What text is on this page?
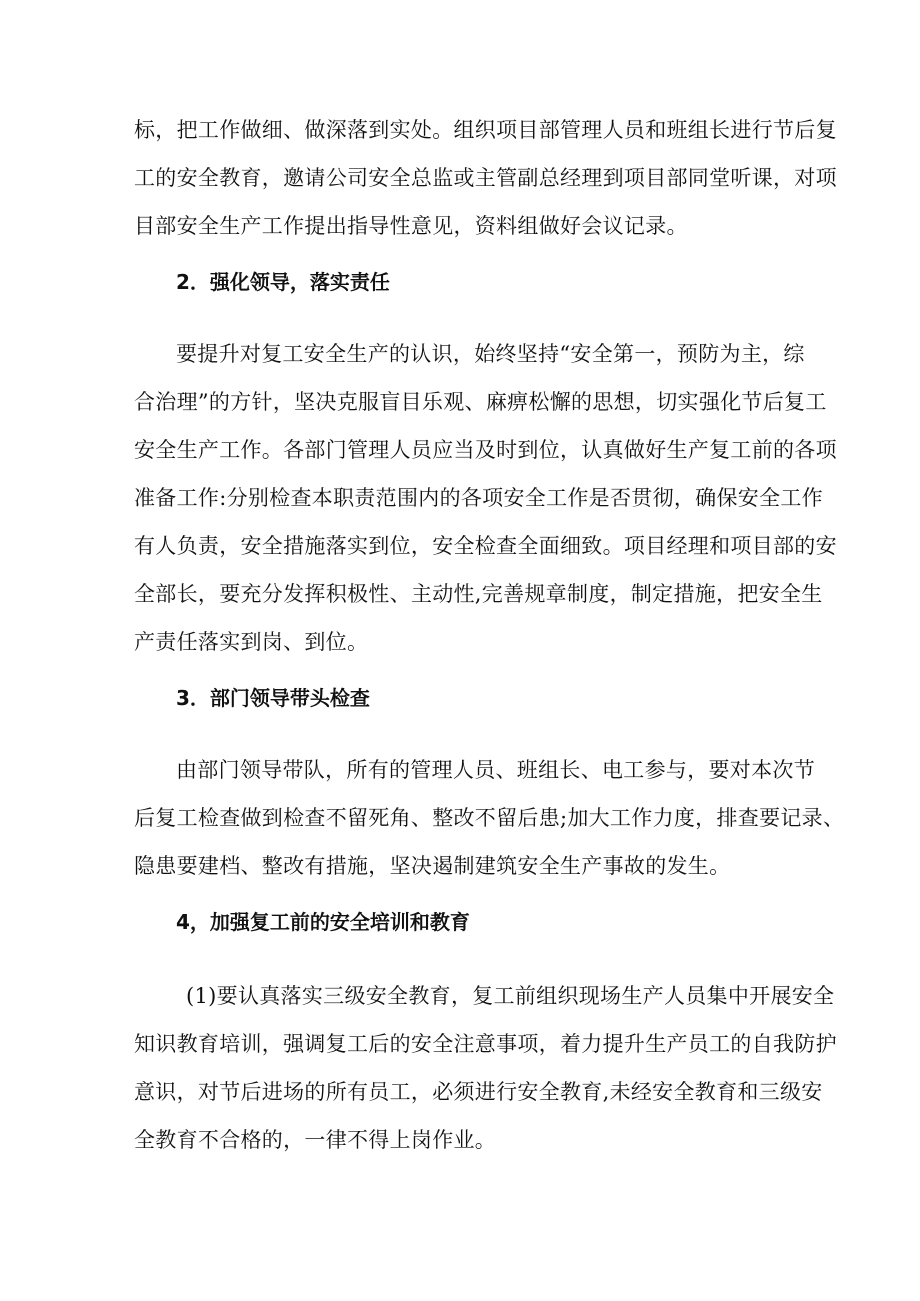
标，把工作做细、做深落到实处。组织项目部管理人员和班组长进行节后复
工的安全教育，邀请公司安全总监或主管副总经理到项目部同堂听课，对项
目部安全生产工作提出指导性意见，资料组做好会议记录。
2．强化领导，落实责任
要提升对复工安全生产的认识，始终坚持“安全第一，预防为主，综
合治理”的方针，坚决克服盲目乐观、麻痹松懈的思想，切实强化节后复工
安全生产工作。各部门管理人员应当及时到位，认真做好生产复工前的各项
准备工作:分别检查本职责范围内的各项安全工作是否贯彻，确保安全工作
有人负责，安全措施落实到位，安全检查全面细致。项目经理和项目部的安
全部长，要充分发挥积极性、主动性,完善规章制度，制定措施，把安全生
产责任落实到岗、到位。
3．部门领导带头检查
由部门领导带队，所有的管理人员、班组长、电工参与，要对本次节
后复工检查做到检查不留死角、整改不留后患;加大工作力度，排查要记录、
隐患要建档、整改有措施，坚决遏制建筑安全生产事故的发生。
4，加强复工前的安全培训和教育
(1)要认真落实三级安全教育，复工前组织现场生产人员集中开展安全
知识教育培训，强调复工后的安全注意事项，着力提升生产员工的自我防护
意识，对节后进场的所有员工，必须进行安全教育,未经安全教育和三级安
全教育不合格的，一律不得上岗作业。
